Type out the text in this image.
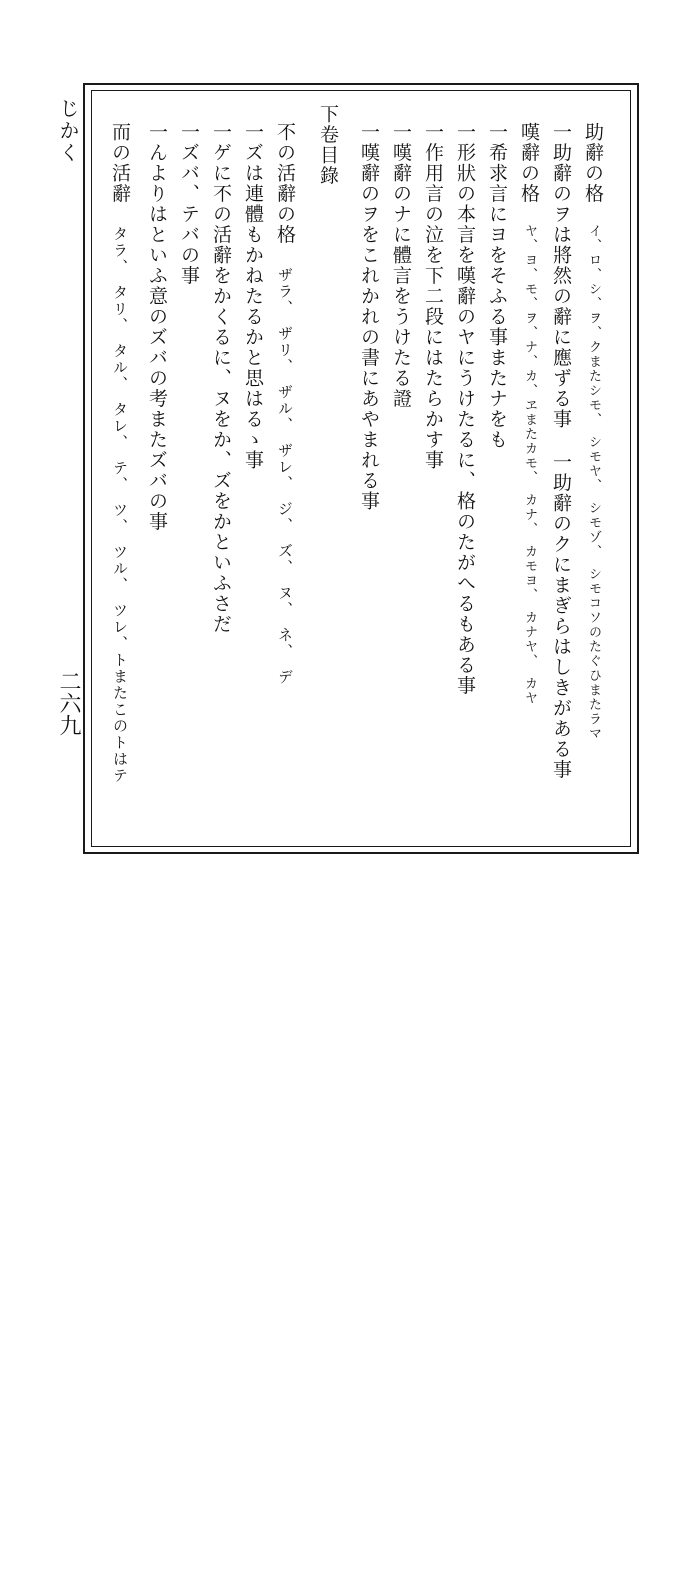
じかく
二六九
助辭の格イ、ロ、シ、ヲ、クまたシモ、　シモヤ、　シモゾ、　シモコソのたぐひまたラマ
一助辭のヲは將然の辭に應ずる事一助辭のクにまぎらはしきがある事
嘆辭の格ヤ、ヨ、モ、ヲ、ナ、カ、ヱまたカモ、　カナ、　カモヨ、　カナヤ、　カヤ
一希求言にヨをそふる事またナをも
一形狀の本言を嘆辭のヤにうけたるに、格のたがへるもある事
一作用言の泣を下二段にはたらかす事
一嘆辭のナに體言をうけたる證
一嘆辭のヲをこれかれの書にあやまれる事
下卷目錄
不の活辭の格ザラ、　ザリ、　ザル、　ザレ、　ジ、　ズ、　ヌ、　ネ、　デ
一ズは連體もかねたるかと思はるゝ事
一ゲに不の活辭をかくるに、ヌをか、ズをかといふさだ
一ズバ、テバの事
一んよりはといふ意のズバの考またズバの事
而の活辭タラ、　タリ、　タル、　タレ、　テ、　ツ、　ツル、　ツレ、トまたこのトはテ
